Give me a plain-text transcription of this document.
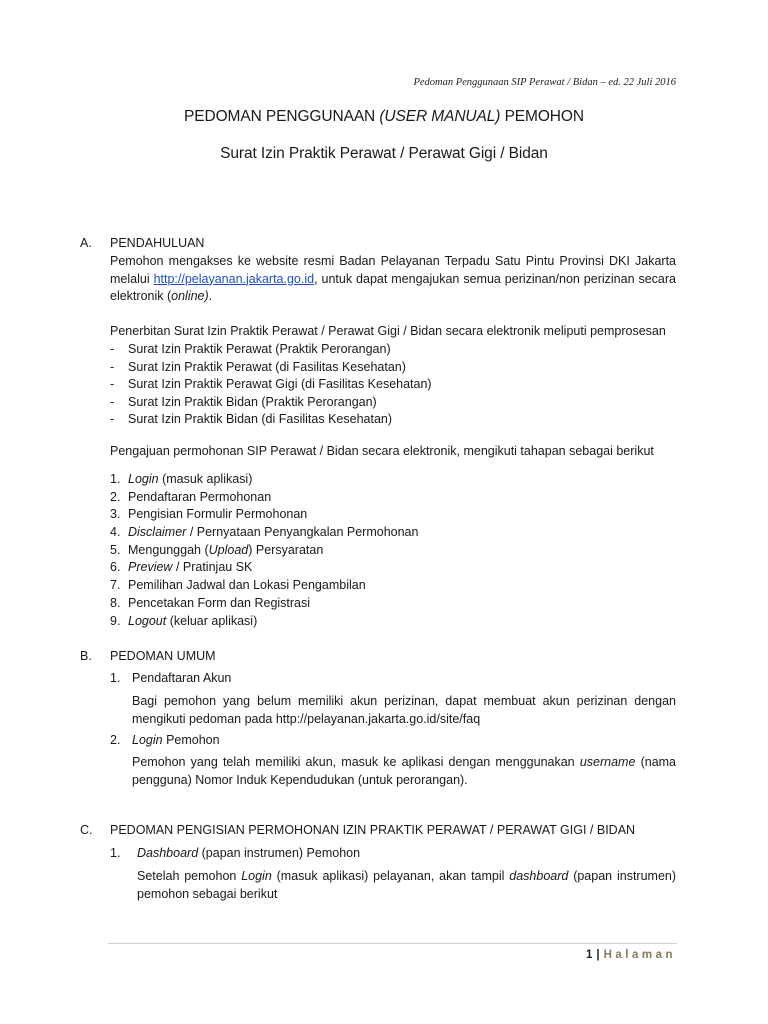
Pedoman Penggunaan SIP Perawat / Bidan – ed. 22 Juli 2016
PEDOMAN PENGGUNAAN (USER MANUAL) PEMOHON
Surat Izin Praktik Perawat / Perawat Gigi / Bidan
A. PENDAHULUAN
Pemohon mengakses ke website resmi Badan Pelayanan Terpadu Satu Pintu Provinsi DKI Jakarta melalui http://pelayanan.jakarta.go.id, untuk dapat mengajukan semua perizinan/non perizinan secara elektronik (online).
Penerbitan Surat Izin Praktik Perawat / Perawat Gigi / Bidan secara elektronik meliputi pemprosesan
- Surat Izin Praktik Perawat (Praktik Perorangan)
- Surat Izin Praktik Perawat (di Fasilitas Kesehatan)
- Surat Izin Praktik Perawat Gigi (di Fasilitas Kesehatan)
- Surat Izin Praktik Bidan (Praktik Perorangan)
- Surat Izin Praktik Bidan (di Fasilitas Kesehatan)
Pengajuan permohonan SIP Perawat / Bidan secara elektronik, mengikuti tahapan sebagai berikut
1. Login (masuk aplikasi)
2. Pendaftaran Permohonan
3. Pengisian Formulir Permohonan
4. Disclaimer / Pernyataan Penyangkalan Permohonan
5. Mengunggah (Upload) Persyaratan
6. Preview / Pratinjau SK
7. Pemilihan Jadwal dan Lokasi Pengambilan
8. Pencetakan Form dan Registrasi
9. Logout (keluar aplikasi)
B. PEDOMAN UMUM
1. Pendaftaran Akun
Bagi pemohon yang belum memiliki akun perizinan, dapat membuat akun perizinan dengan mengikuti pedoman pada http://pelayanan.jakarta.go.id/site/faq
2. Login Pemohon
Pemohon yang telah memiliki akun, masuk ke aplikasi dengan menggunakan username (nama pengguna) Nomor Induk Kependudukan (untuk perorangan).
C. PEDOMAN PENGISIAN PERMOHONAN IZIN PRAKTIK PERAWAT / PERAWAT GIGI / BIDAN
1. Dashboard (papan instrumen) Pemohon
Setelah pemohon Login (masuk aplikasi) pelayanan, akan tampil dashboard (papan instrumen) pemohon sebagai berikut
1 | Halaman
